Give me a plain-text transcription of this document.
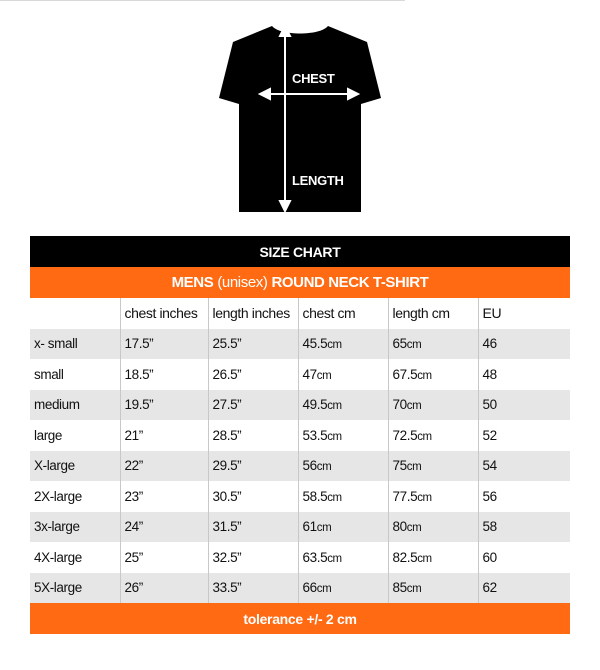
CHEST
LENGTH
SIZE CHART
MENS (unisex) ROUND NECK T-SHIRT
	chest inches	length inches	chest cm	length cm	EU
x- small	17.5”	25.5”	45.5cm	65cm	46
small	18.5”	26.5”	47cm	67.5cm	48
medium	19.5”	27.5”	49.5cm	70cm	50
large	21”	28.5”	53.5cm	72.5cm	52
X-large	22”	29.5”	56cm	75cm	54
2X-large	23”	30.5”	58.5cm	77.5cm	56
3x-large	24”	31.5”	61cm	80cm	58
4X-large	25”	32.5”	63.5cm	82.5cm	60
5X-large	26”	33.5”	66cm	85cm	62
tolerance +/- 2 cm
